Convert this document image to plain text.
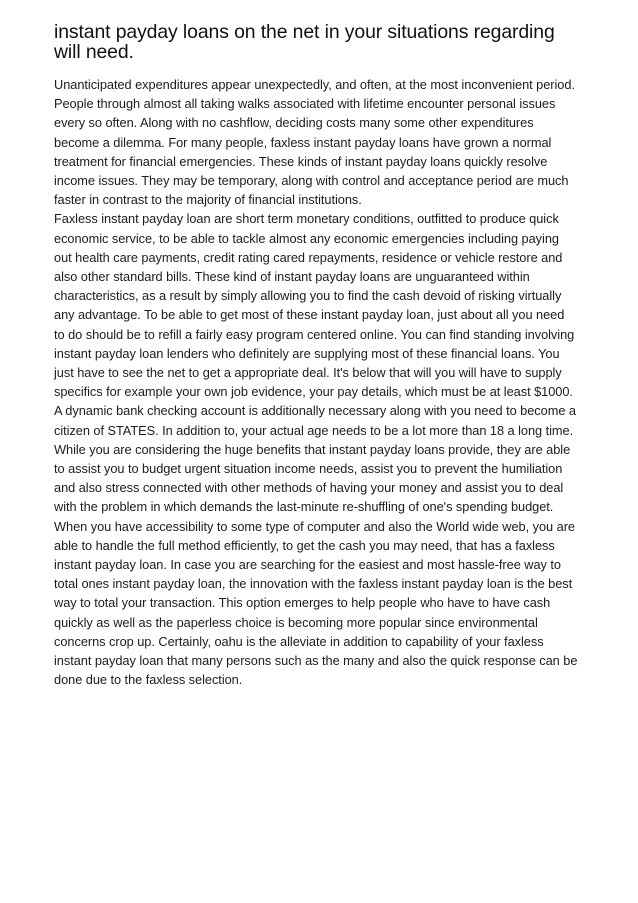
instant payday loans on the net in your situations regarding
will need.
Unanticipated expenditures appear unexpectedly, and often, at the most inconvenient period.
People through almost all taking walks associated with lifetime encounter personal issues
every so often. Along with no cashflow, deciding costs many some other expenditures
become a dilemma. For many people, faxless instant payday loans have grown a normal
treatment for financial emergencies. These kinds of instant payday loans quickly resolve
income issues. They may be temporary, along with control and acceptance period are much
faster in contrast to the majority of financial institutions.
Faxless instant payday loan are short term monetary conditions, outfitted to produce quick
economic service, to be able to tackle almost any economic emergencies including paying
out health care payments, credit rating cared repayments, residence or vehicle restore and
also other standard bills. These kind of instant payday loans are unguaranteed within
characteristics, as a result by simply allowing you to find the cash devoid of risking virtually
any advantage. To be able to get most of these instant payday loan, just about all you need
to do should be to refill a fairly easy program centered online. You can find standing involving
instant payday loan lenders who definitely are supplying most of these financial loans. You
just have to see the net to get a appropriate deal. It's below that will you will have to supply
specifics for example your own job evidence, your pay details, which must be at least $1000.
A dynamic bank checking account is additionally necessary along with you need to become a
citizen of STATES. In addition to, your actual age needs to be a lot more than 18 a long time.
While you are considering the huge benefits that instant payday loans provide, they are able
to assist you to budget urgent situation income needs, assist you to prevent the humiliation
and also stress connected with other methods of having your money and assist you to deal
with the problem in which demands the last-minute re-shuffling of one's spending budget.
When you have accessibility to some type of computer and also the World wide web, you are
able to handle the full method efficiently, to get the cash you may need, that has a faxless
instant payday loan. In case you are searching for the easiest and most hassle-free way to
total ones instant payday loan, the innovation with the faxless instant payday loan is the best
way to total your transaction. This option emerges to help people who have to have cash
quickly as well as the paperless choice is becoming more popular since environmental
concerns crop up. Certainly, oahu is the alleviate in addition to capability of your faxless
instant payday loan that many persons such as the many and also the quick response can be
done due to the faxless selection.
